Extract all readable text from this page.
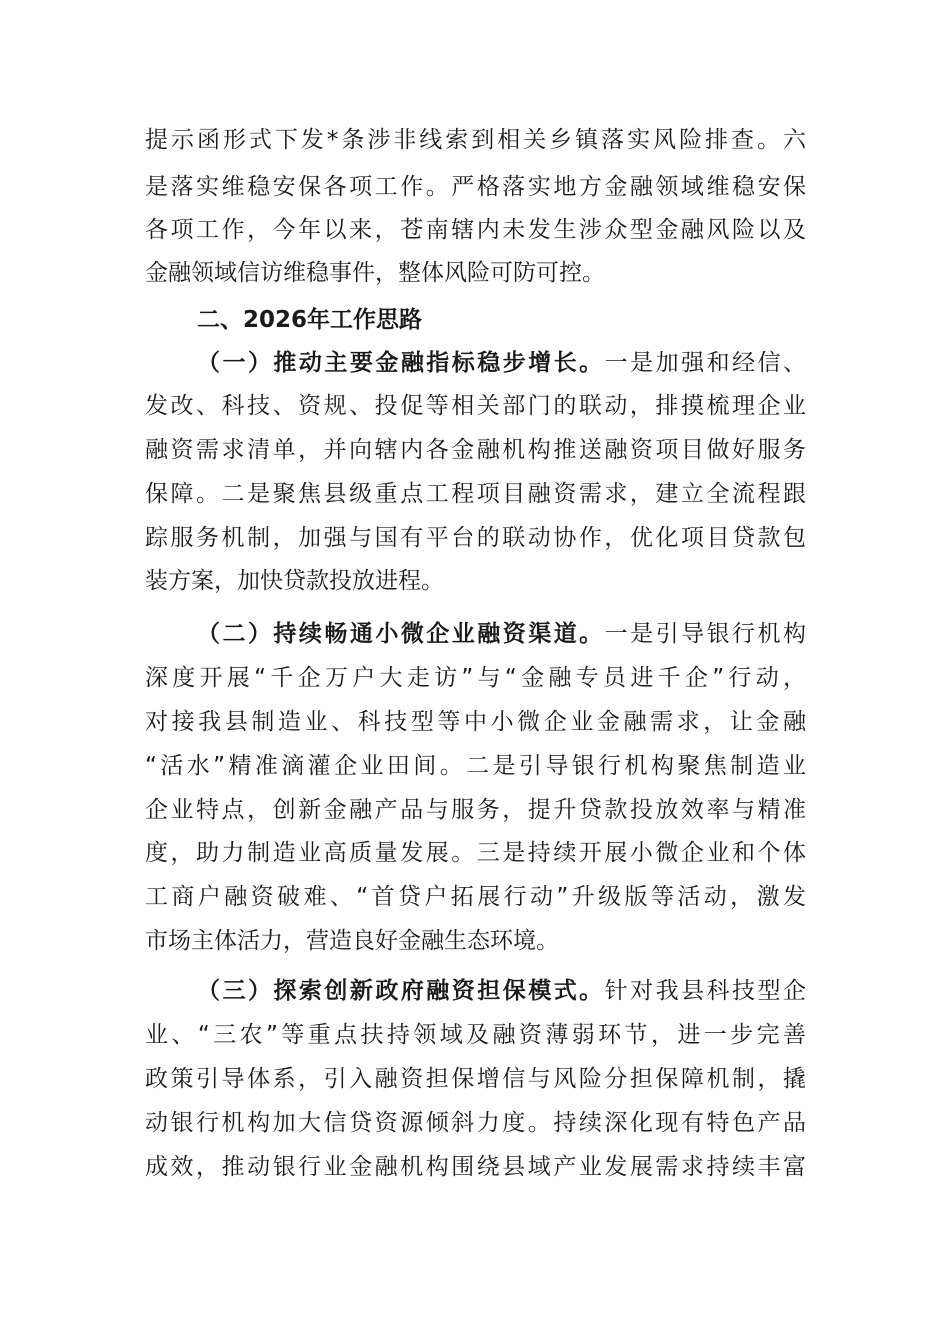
提示函形式下发*条涉非线索到相关乡镇落实风险排查。六
是落实维稳安保各项工作。严格落实地方金融领域维稳安保
各项工作，今年以来，苍南辖内未发生涉众型金融风险以及
金融领域信访维稳事件，整体风险可防可控。
二、2026年工作思路
（一）推动主要金融指标稳步增长。一是加强和经信、
发改、科技、资规、投促等相关部门的联动，排摸梳理企业
融资需求清单，并向辖内各金融机构推送融资项目做好服务
保障。二是聚焦县级重点工程项目融资需求，建立全流程跟
踪服务机制，加强与国有平台的联动协作，优化项目贷款包
装方案，加快贷款投放进程。
（二）持续畅通小微企业融资渠道。一是引导银行机构
深度开展“千企万户大走访”与“金融专员进千企”行动，
对接我县制造业、科技型等中小微企业金融需求，让金融
“活水”精准滴灌企业田间。二是引导银行机构聚焦制造业
企业特点，创新金融产品与服务，提升贷款投放效率与精准
度，助力制造业高质量发展。三是持续开展小微企业和个体
工商户融资破难、“首贷户拓展行动”升级版等活动，激发
市场主体活力，营造良好金融生态环境。
（三）探索创新政府融资担保模式。针对我县科技型企
业、“三农”等重点扶持领域及融资薄弱环节，进一步完善
政策引导体系，引入融资担保增信与风险分担保障机制，撬
动银行机构加大信贷资源倾斜力度。持续深化现有特色产品
成效，推动银行业金融机构围绕县域产业发展需求持续丰富
